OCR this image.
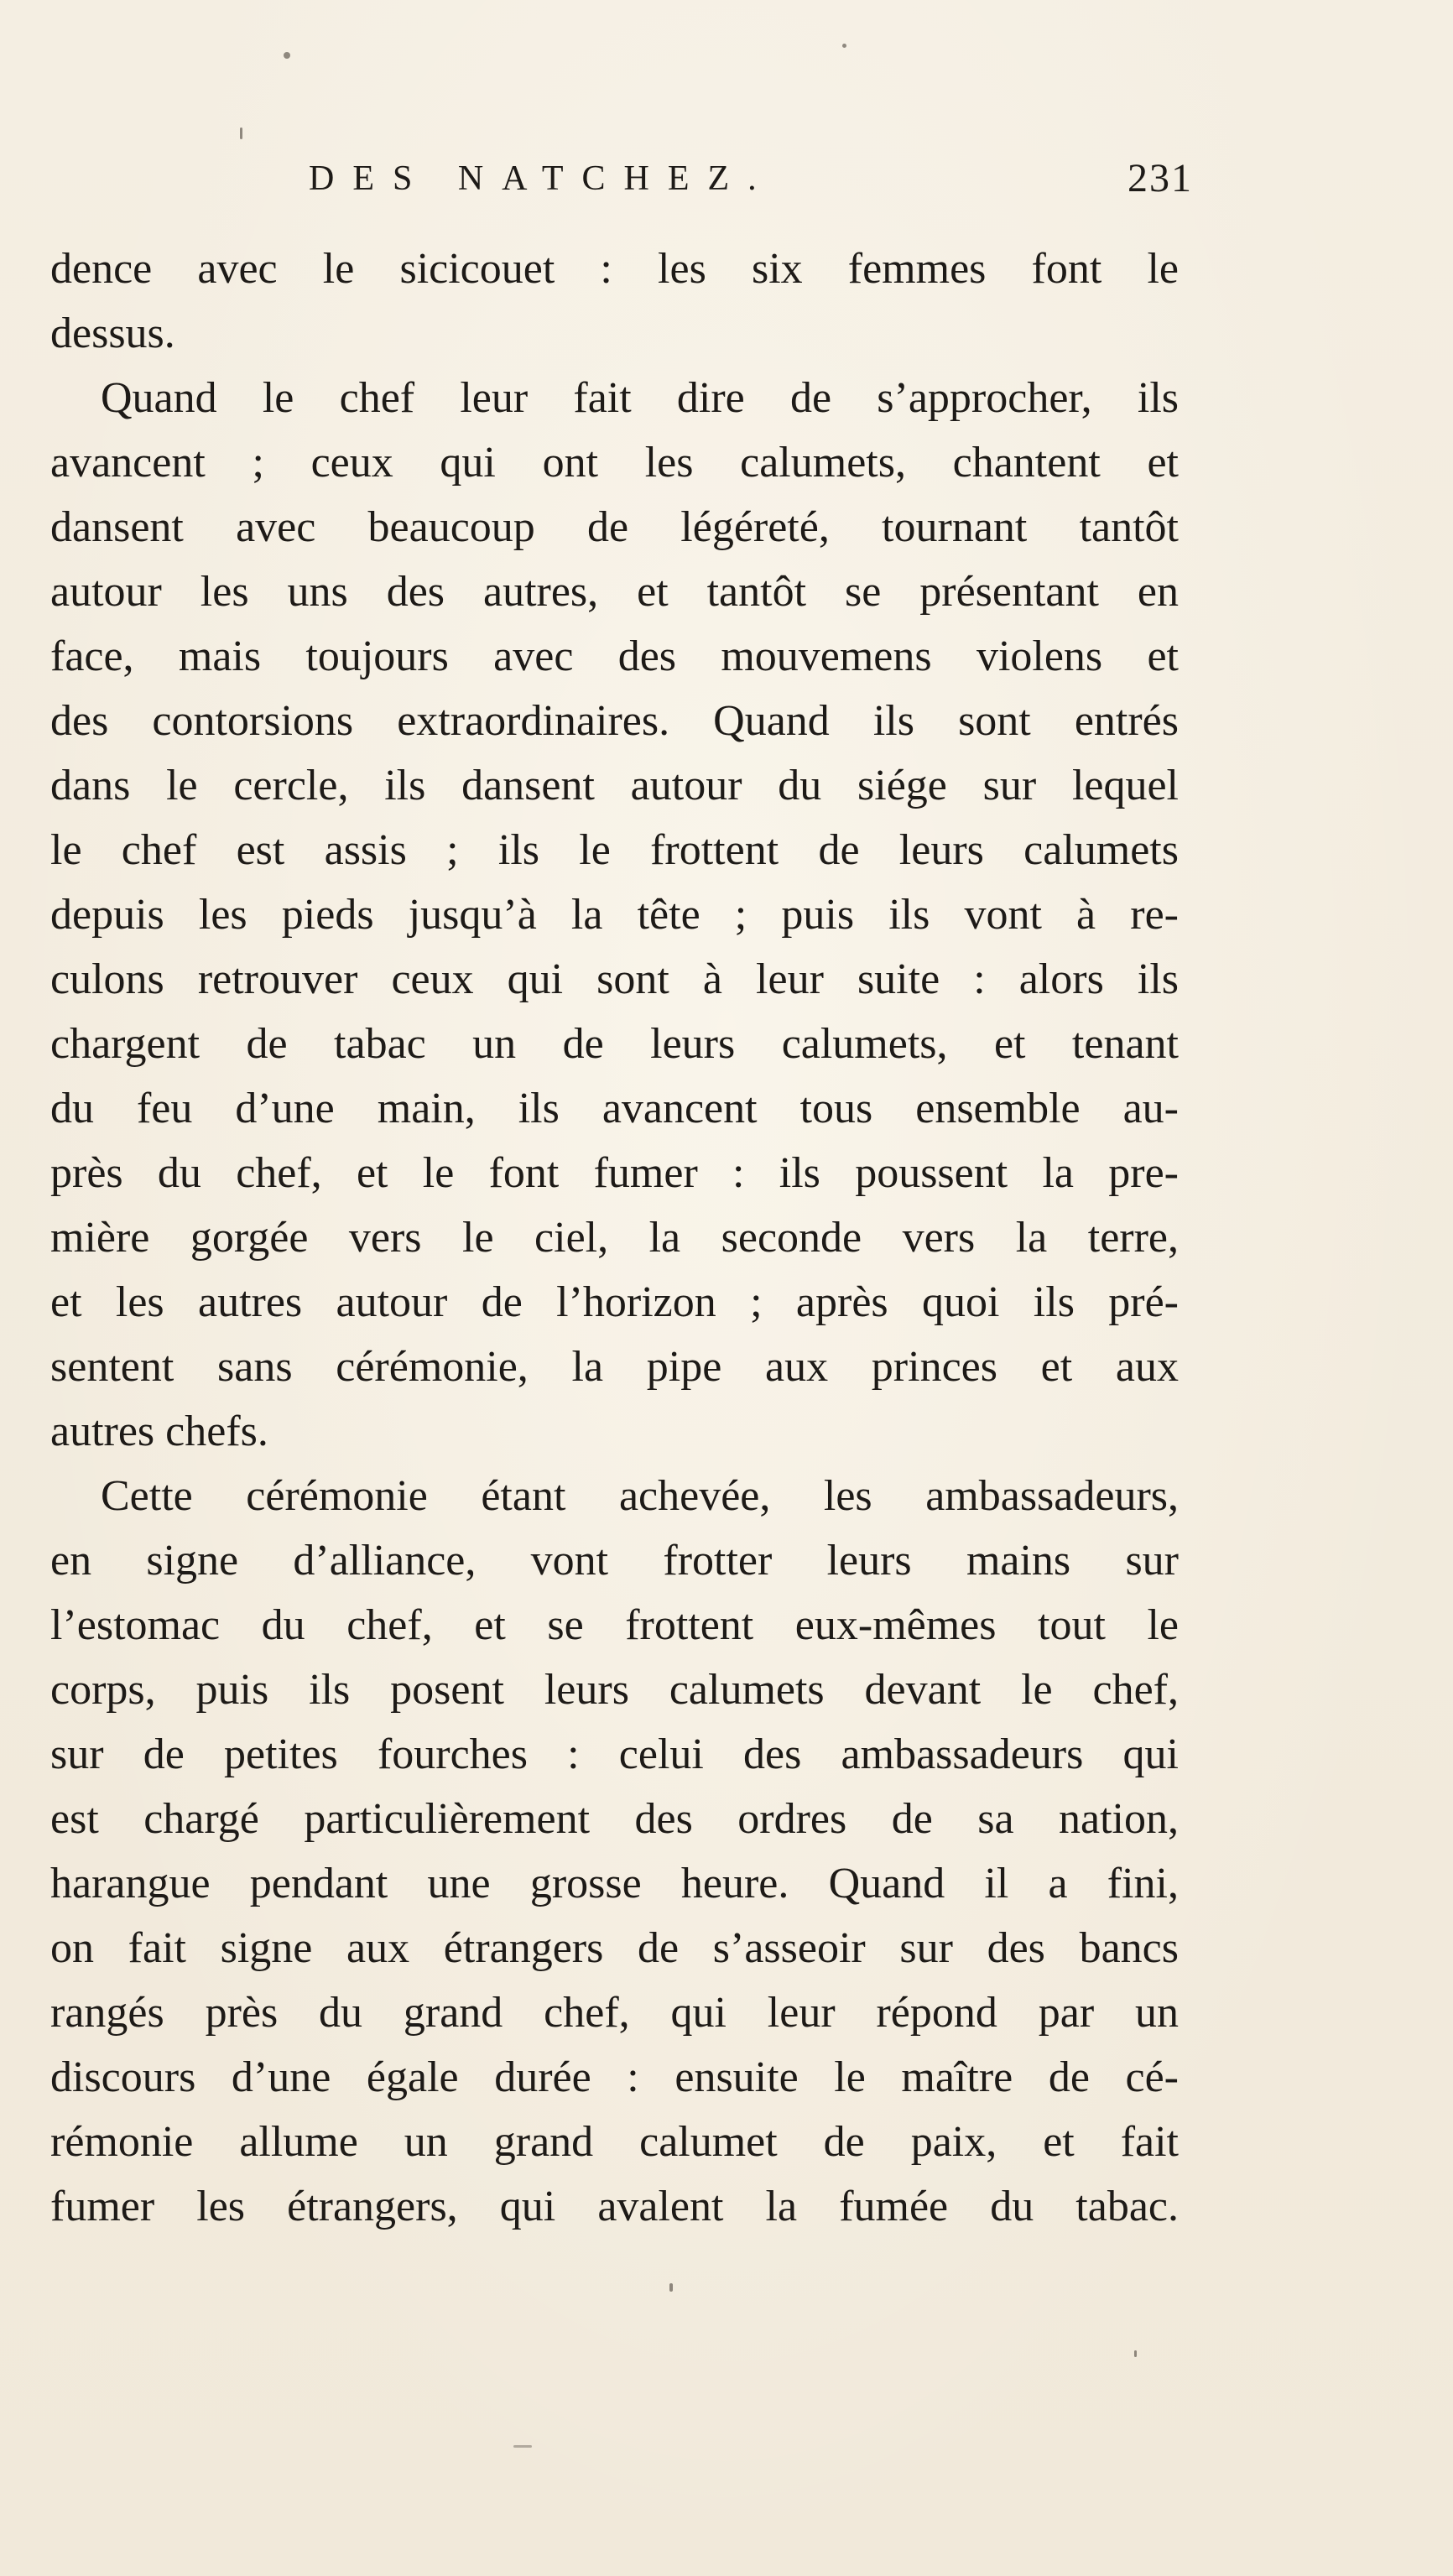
DES NATCHEZ.	231
dence avec le sicicouet : les six femmes font le
dessus.
Quand le chef leur fait dire de s’approcher, ils
avancent ; ceux qui ont les calumets, chantent et
dansent avec beaucoup de légéreté, tournant tantôt
autour les uns des autres, et tantôt se présentant en
face, mais toujours avec des mouvemens violens et
des contorsions extraordinaires. Quand ils sont entrés
dans le cercle, ils dansent autour du siége sur lequel
le chef est assis ; ils le frottent de leurs calumets
depuis les pieds jusqu’à la tête ; puis ils vont à re-
culons retrouver ceux qui sont à leur suite : alors ils
chargent de tabac un de leurs calumets, et tenant
du feu d’une main, ils avancent tous ensemble au-
près du chef, et le font fumer : ils poussent la pre-
mière gorgée vers le ciel, la seconde vers la terre,
et les autres autour de l’horizon ; après quoi ils pré-
sentent sans cérémonie, la pipe aux princes et aux
autres chefs.
Cette cérémonie étant achevée, les ambassadeurs,
en signe d’alliance, vont frotter leurs mains sur
l’estomac du chef, et se frottent eux-mêmes tout le
corps, puis ils posent leurs calumets devant le chef,
sur de petites fourches : celui des ambassadeurs qui
est chargé particulièrement des ordres de sa nation,
harangue pendant une grosse heure. Quand il a fini,
on fait signe aux étrangers de s’asseoir sur des bancs
rangés près du grand chef, qui leur répond par un
discours d’une égale durée : ensuite le maître de cé-
rémonie allume un grand calumet de paix, et fait
fumer les étrangers, qui avalent la fumée du tabac.
